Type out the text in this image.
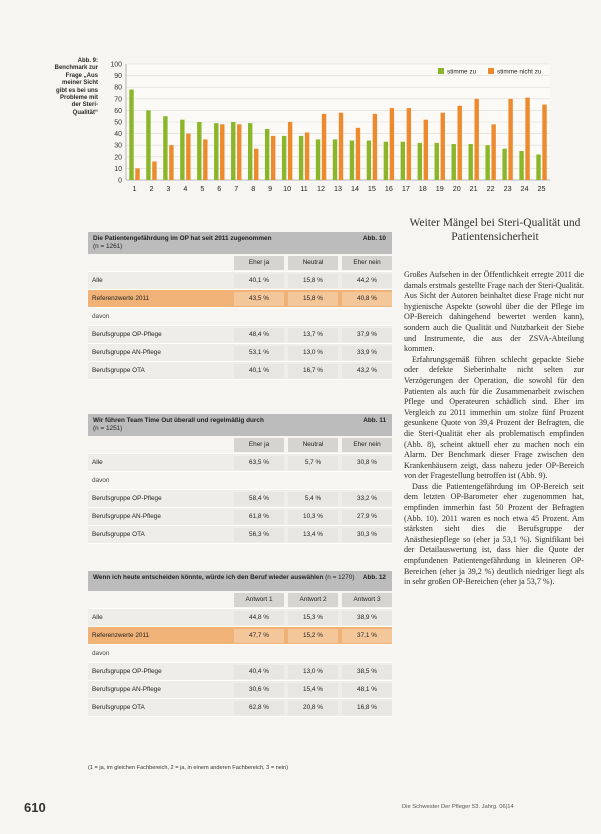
Abb. 9: Benchmark zur Frage „Aus meiner Sicht gibt es bei uns Probleme mit der Steri-Qualität“
0
10
20
30
40
50
60
70
80
90
100
1 2 3 4 5 6 7 8 9 10 11 12 13 14 15 16 17 18 19 20 21 22 23 24 25
stimme zu	stimme nicht zu
Die Patientengefährdung im OP hat seit 2011 zugenommen	Abb. 10

(n = 1261)
Eher ja	Neutral	Eher nein
Alle	40,1 %	15,8 %	44,2 %
Referenzwerte 2011	43,5 %	15,8 %	40,8 %
davon
Berufsgruppe OP-Pflege	48,4 %	13,7 %	37,9 %
Berufsgruppe AN-Pflege	53,1 %	13,0 %	33,9 %
Berufsgruppe OTA	40,1 %	16,7 %	43,2 %
Wir führen Team Time Out überall und regelmäßig durch	Abb. 11

(n = 1251)
Eher ja	Neutral	Eher nein
Alle	63,5 %	5,7 %	30,8 %
davon
Berufsgruppe OP-Pflege	58,4 %	5,4 %	33,2 %
Berufsgruppe AN-Pflege	61,8 %	10,3 %	27,9 %
Berufsgruppe OTA	56,3 %	13,4 %	30,3 %
Wenn ich heute entscheiden könnte, würde ich den Beruf wieder auswählen (n = 1270) Abb. 12
Antwort 1	Antwort 2	Antwort 3
Alle	44,8 %	15,3 %	38,9 %
Referenzwerte 2011	47,7 %	15,2 %	37,1 %
davon
Berufsgruppe OP-Pflege	40,4 %	13,0 %	38,5 %
Berufsgruppe AN-Pflege	30,6 %	15,4 %	48,1 %
Berufsgruppe OTA	62,8 %	20,8 %	16,8 %
(1 = ja, im gleichen Fachbereich, 2 = ja, in einem anderen Fachbereich, 3 = nein)
Weiter Mängel bei Steri-Qualität und Patientensicherheit

Großes Aufsehen in der Öffentlichkeit erregte 2011 die damals erstmals gestellte Frage nach der Steri-Qualität. Aus Sicht der Autoren beinhaltet diese Frage nicht nur hygienische Aspekte (sowohl über die der Pflege im OP-Bereich dahingehend bewertet werden kann), sondern auch die Qualität und Nutzbarkeit der Siebe und Instrumente, die aus der ZSVA-Abteilung kommen.

Erfahrungsgemäß führen schlecht gepackte Siebe oder defekte Sieberinhalte nicht selten zur Verzögerungen der Operation, die sowohl für den Patienten als auch für die Zusammenarbeit zwischen Pflege und Operateuren schädlich sind. Eher im Vergleich zu 2011 immerhin um stolze fünf Prozent gesunkene Quote von 39,4 Prozent der Befragten, die die Steri-Qualität eher als problematisch empfinden (Abb. 8), scheint aktuell eher zu machen noch ein Alarm. Der Benchmark dieser Frage zwischen den Krankenhäusern zeigt, dass nahezu jeder OP-Bereich von der Fragestellung betroffen ist (Abb. 9).

Dass die Patientengefährdung im OP-Bereich seit dem letzten OP-Barometer eher zugenommen hat, empfinden immerhin fast 50 Prozent der Befragten (Abb. 10). 2011 waren es noch etwa 45 Prozent. Am stärksten sieht dies die Berufsgruppe der Anästhesiepflege so (eher ja 53,1 %). Signifikant bei der Detailauswertung ist, dass hier die Quote der empfundenen Patientengefährdung in kleineren OP-Bereichen (eher ja 39,2 %) deutlich niedriger liegt als in sehr großen OP-Bereichen (eher ja 53,7 %).

610	Die Schwester Der Pfleger 53. Jahrg. 06|14
